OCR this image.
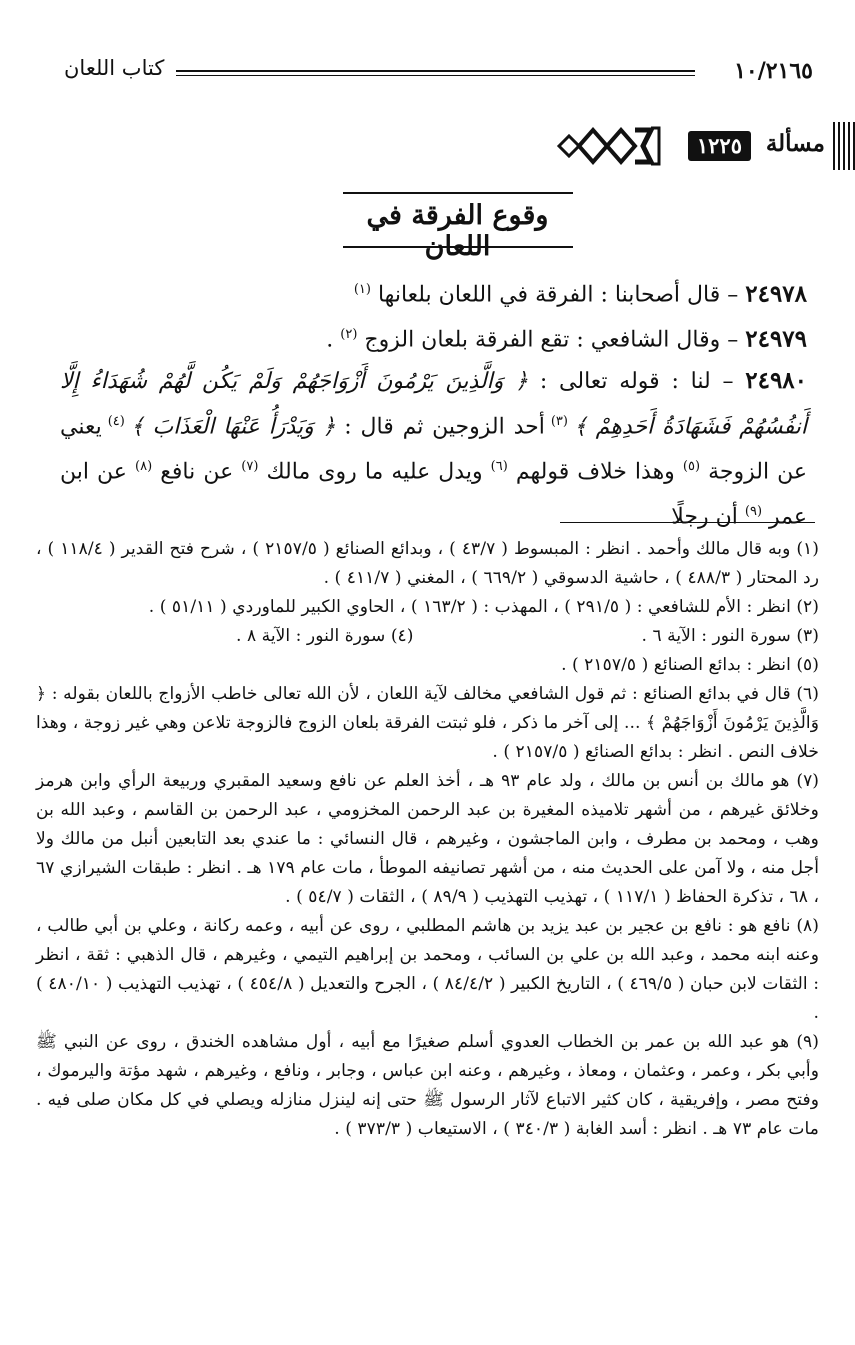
١٠/٢١٦٥
كتاب اللعان
مسألة
١٢٢٥
وقوع الفرقة في اللعان

٢٤٩٧٨ – قال أصحابنا : الفرقة في اللعان بلعانها $^{(١)}$

٢٤٩٧٩ – وقال الشافعي : تقع الفرقة بلعان الزوج $^{(٢)}$ .

٢٤٩٨٠ – لنا : قوله تعالى : ﴿ وَالَّذِينَ يَرْمُونَ أَزْوَاجَهُمْ وَلَمْ يَكُن لَّهُمْ شُهَدَاءُ إِلَّا أَنفُسُهُمْ فَشَهَادَةُ أَحَدِهِمْ ﴾ $^{(٣)}$ أحد الزوجين ثم قال : ﴿ وَيَدْرَأُ عَنْهَا الْعَذَابَ ﴾ $^{(٤)}$ يعني عن الزوجة $^{(٥)}$ وهذا خلاف قولهم $^{(٦)}$ ويدل عليه ما روى مالك $^{(٧)}$ عن نافع $^{(٨)}$ عن ابن عمر $^{(٩)}$ أن رجلًا

(١) وبه قال مالك وأحمد . انظر : المبسوط ( ٤٣/٧ ) ، وبدائع الصنائع ( ٢١٥٧/٥ ) ، شرح فتح القدير ( ١١٨/٤ ) ، رد المحتار ( ٤٨٨/٣ ) ، حاشية الدسوقي ( ٦٦٩/٢ ) ، المغني ( ٤١١/٧ ) .

(٢) انظر : الأم للشافعي : ( ٢٩١/٥ ) ، المهذب : ( ١٦٣/٢ ) ، الحاوي الكبير للماوردي ( ٥١/١١ ) .

(٣) سورة النور : الآية ٦ .
(٤) سورة النور : الآية ٨ .

(٥) انظر : بدائع الصنائع ( ٢١٥٧/٥ ) .

(٦) قال في بدائع الصنائع : ثم قول الشافعي مخالف لآية اللعان ، لأن الله تعالى خاطب الأزواج باللعان بقوله : ﴿ وَالَّذِينَ يَرْمُونَ أَزْوَاجَهُمْ ﴾ ... إلى آخر ما ذكر ، فلو ثبتت الفرقة بلعان الزوج فالزوجة تلاعن وهي غير زوجة ، وهذا خلاف النص . انظر : بدائع الصنائع ( ٢١٥٧/٥ ) .

(٧) هو مالك بن أنس بن مالك ، ولد عام ٩٣ هـ ، أخذ العلم عن نافع وسعيد المقبري وربيعة الرأي وابن هرمز وخلائق غيرهم ، من أشهر تلاميذه المغيرة بن عبد الرحمن المخزومي ، عبد الرحمن بن القاسم ، وعبد الله بن وهب ، ومحمد بن مطرف ، وابن الماجشون ، وغيرهم ، قال النسائي : ما عندي بعد التابعين أنبل من مالك ولا أجل منه ، ولا آمن على الحديث منه ، من أشهر تصانيفه الموطأ ، مات عام ١٧٩ هـ . انظر : طبقات الشيرازي ٦٧ ، ٦٨ ، تذكرة الحفاظ ( ١١٧/١ ) ، تهذيب التهذيب ( ٨٩/٩ ) ، الثقات ( ٥٤/٧ ) .

(٨) نافع هو : نافع بن عجير بن عبد يزيد بن هاشم المطلبي ، روى عن أبيه ، وعمه ركانة ، وعلي بن أبي طالب ، وعنه ابنه محمد ، وعبد الله بن علي بن السائب ، ومحمد بن إبراهيم التيمي ، وغيرهم ، قال الذهبي : ثقة ، انظر : الثقات لابن حبان ( ٤٦٩/٥ ) ، التاريخ الكبير ( ٨٤/٤/٢ ) ، الجرح والتعديل ( ٤٥٤/٨ ) ، تهذيب التهذيب ( ٤٨٠/١٠ ) .

(٩) هو عبد الله بن عمر بن الخطاب العدوي أسلم صغيرًا مع أبيه ، أول مشاهده الخندق ، روى عن النبي ﷺ وأبي بكر ، وعمر ، وعثمان ، ومعاذ ، وغيرهم ، وعنه ابن عباس ، وجابر ، ونافع ، وغيرهم ، شهد مؤتة واليرموك ، وفتح مصر ، وإفريقية ، كان كثير الاتباع لآثار الرسول ﷺ حتى إنه لينزل منازله ويصلي في كل مكان صلى فيه . مات عام ٧٣ هـ . انظر : أسد الغابة ( ٣٤٠/٣ ) ، الاستيعاب ( ٣٧٣/٣ ) .
